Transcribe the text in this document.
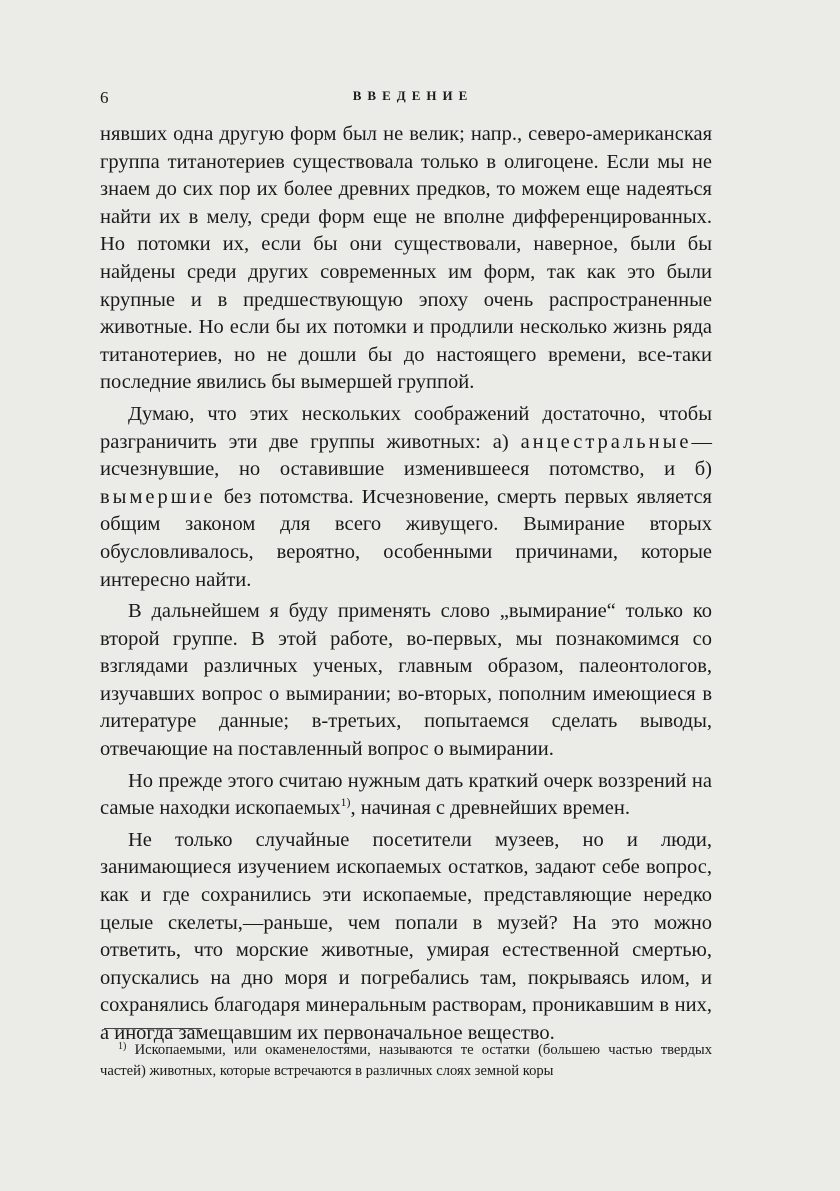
6	ВВЕДЕНИЕ

нявших одна другую форм был не велик; напр., северо-американская группа титанотериев существовала только в олигоцене. Если мы не знаем до сих пор их более древних предков, то можем еще надеяться найти их в мелу, среди форм еще не вполне дифференцированных. Но потомки их, если бы они существовали, наверное, были бы найдены среди других современных им форм, так как это были крупные и в предшествующую эпоху очень распространенные животные. Но если бы их потомки и продлили несколько жизнь ряда титанотериев, но не дошли бы до настоящего времени, все-таки последние явились бы вымершей группой.

Думаю, что этих нескольких соображений достаточно, чтобы разграничить эти две группы животных: а) анцестральные—исчезнувшие, но оставившие изменившееся потомство, и б) вымершие без потомства. Исчезновение, смерть первых является общим законом для всего живущего. Вымирание вторых обусловливалось, вероятно, особенными причинами, которые интересно найти.

В дальнейшем я буду применять слово „вымирание“ только ко второй группе. В этой работе, во-первых, мы познакомимся со взглядами различных ученых, главным образом, палеонтологов, изучавших вопрос о вымирании; во-вторых, пополним имеющиеся в литературе данные; в-третьих, попытаемся сделать выводы, отвечающие на поставленный вопрос о вымирании.

Но прежде этого считаю нужным дать краткий очерк воззрений на самые находки ископаемых$^{1)}$, начиная с древнейших времен.

Не только случайные посетители музеев, но и люди, занимающиеся изучением ископаемых остатков, задают себе вопрос, как и где сохранились эти ископаемые, представляющие нередко целые скелеты,—раньше, чем попали в музей? На это можно ответить, что морские животные, умирая естественной смертью, опускались на дно моря и погребались там, покрываясь илом, и сохранялись благодаря минеральным растворам, проникавшим в них, а иногда замещавшим их первоначальное вещество.

$^{1)}$ Ископаемыми, или окаменелостями, называются те остатки (большею частью твердых частей) животных, которые встречаются в различных слоях земной коры
